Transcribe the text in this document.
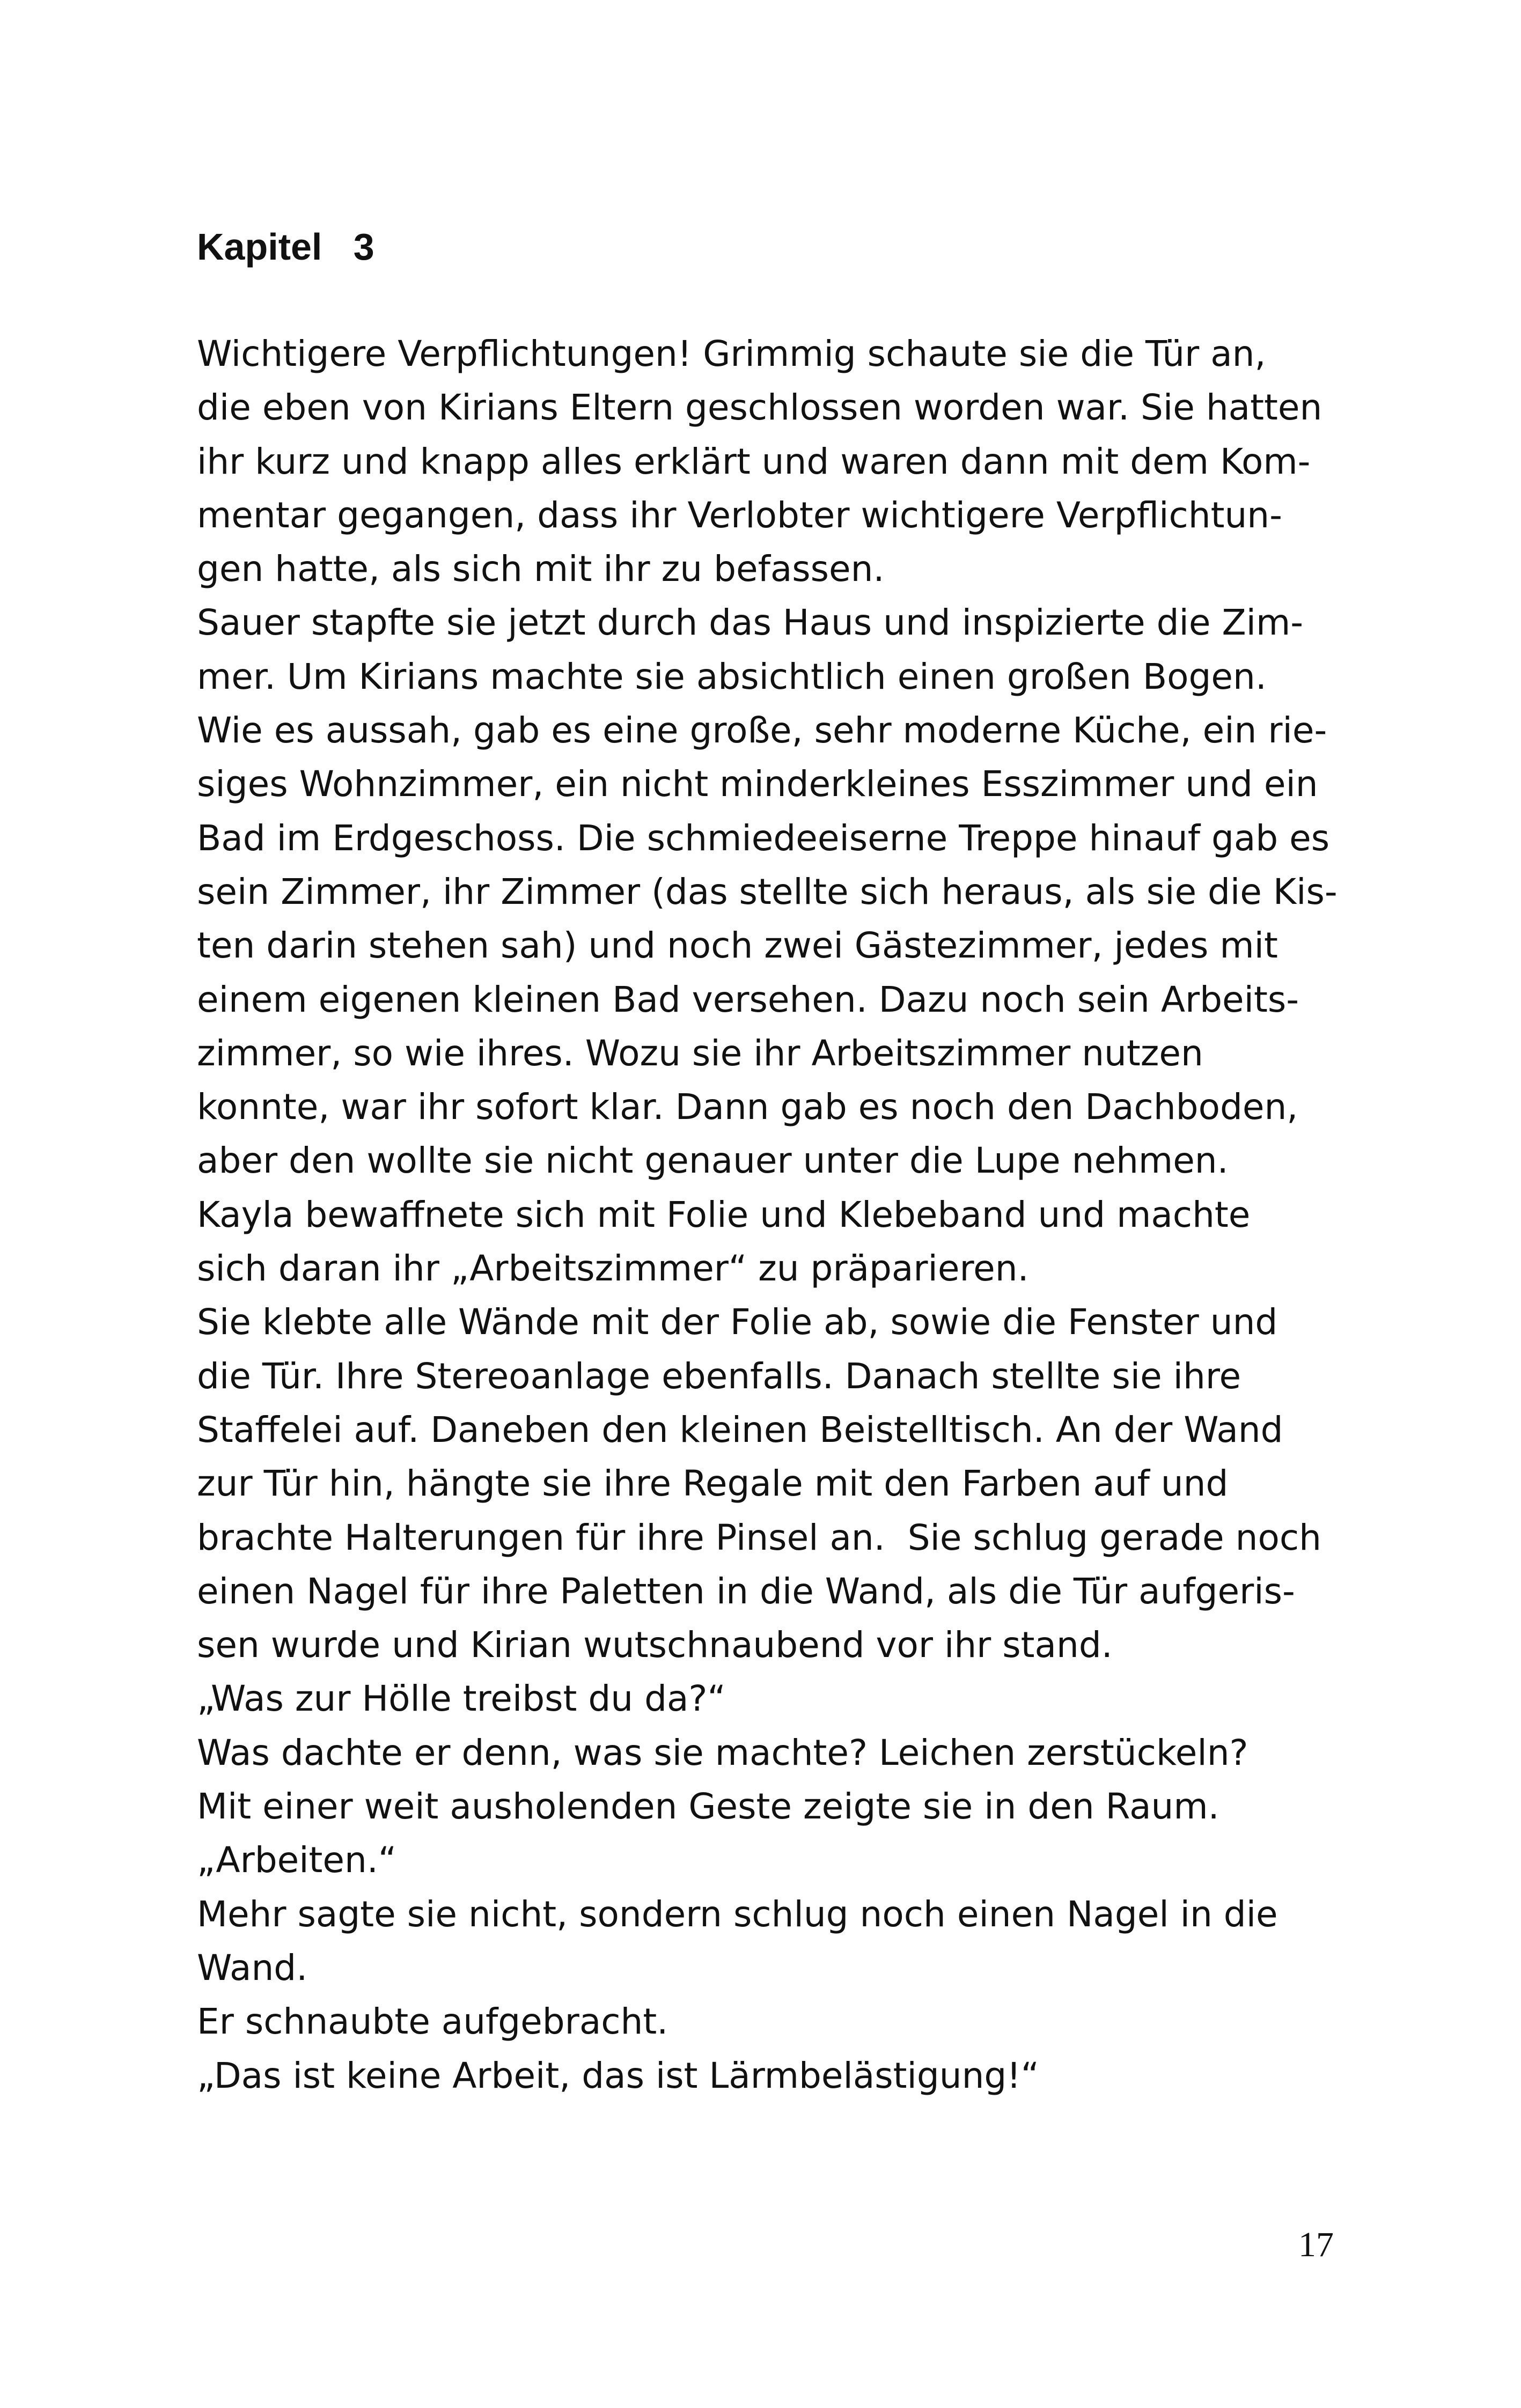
Kapitel   3
Wichtigere Verpflichtungen! Grimmig schaute sie die Tür an,
die eben von Kirians Eltern geschlossen worden war. Sie hatten
ihr kurz und knapp alles erklärt und waren dann mit dem Kom-
mentar gegangen, dass ihr Verlobter wichtigere Verpflichtun-
gen hatte, als sich mit ihr zu befassen.
Sauer stapfte sie jetzt durch das Haus und inspizierte die Zim-
mer. Um Kirians machte sie absichtlich einen großen Bogen.
Wie es aussah, gab es eine große, sehr moderne Küche, ein rie-
siges Wohnzimmer, ein nicht minderkleines Esszimmer und ein
Bad im Erdgeschoss. Die schmiedeeiserne Treppe hinauf gab es
sein Zimmer, ihr Zimmer (das stellte sich heraus, als sie die Kis-
ten darin stehen sah) und noch zwei Gästezimmer, jedes mit
einem eigenen kleinen Bad versehen. Dazu noch sein Arbeits-
zimmer, so wie ihres. Wozu sie ihr Arbeitszimmer nutzen
konnte, war ihr sofort klar. Dann gab es noch den Dachboden,
aber den wollte sie nicht genauer unter die Lupe nehmen.
Kayla bewaffnete sich mit Folie und Klebeband und machte
sich daran ihr „Arbeitszimmer“ zu präparieren.
Sie klebte alle Wände mit der Folie ab, sowie die Fenster und
die Tür. Ihre Stereoanlage ebenfalls. Danach stellte sie ihre
Staffelei auf. Daneben den kleinen Beistelltisch. An der Wand
zur Tür hin, hängte sie ihre Regale mit den Farben auf und
brachte Halterungen für ihre Pinsel an.  Sie schlug gerade noch
einen Nagel für ihre Paletten in die Wand, als die Tür aufgeris-
sen wurde und Kirian wutschnaubend vor ihr stand.
„Was zur Hölle treibst du da?“
Was dachte er denn, was sie machte? Leichen zerstückeln?
Mit einer weit ausholenden Geste zeigte sie in den Raum.
„Arbeiten.“
Mehr sagte sie nicht, sondern schlug noch einen Nagel in die
Wand.
Er schnaubte aufgebracht.
„Das ist keine Arbeit, das ist Lärmbelästigung!“
17
